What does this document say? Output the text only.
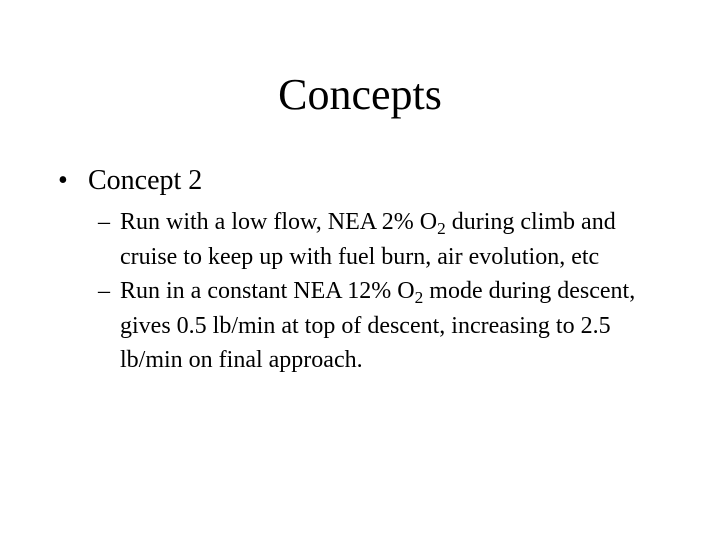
Concepts
• Concept 2
– Run with a low flow, NEA 2% $O_2$ during climb and cruise to keep up with fuel burn, air evolution, etc
– Run in a constant NEA 12% $O_2$ mode during descent, gives 0.5 lb/min at top of descent, increasing to 2.5 lb/min on final approach.
